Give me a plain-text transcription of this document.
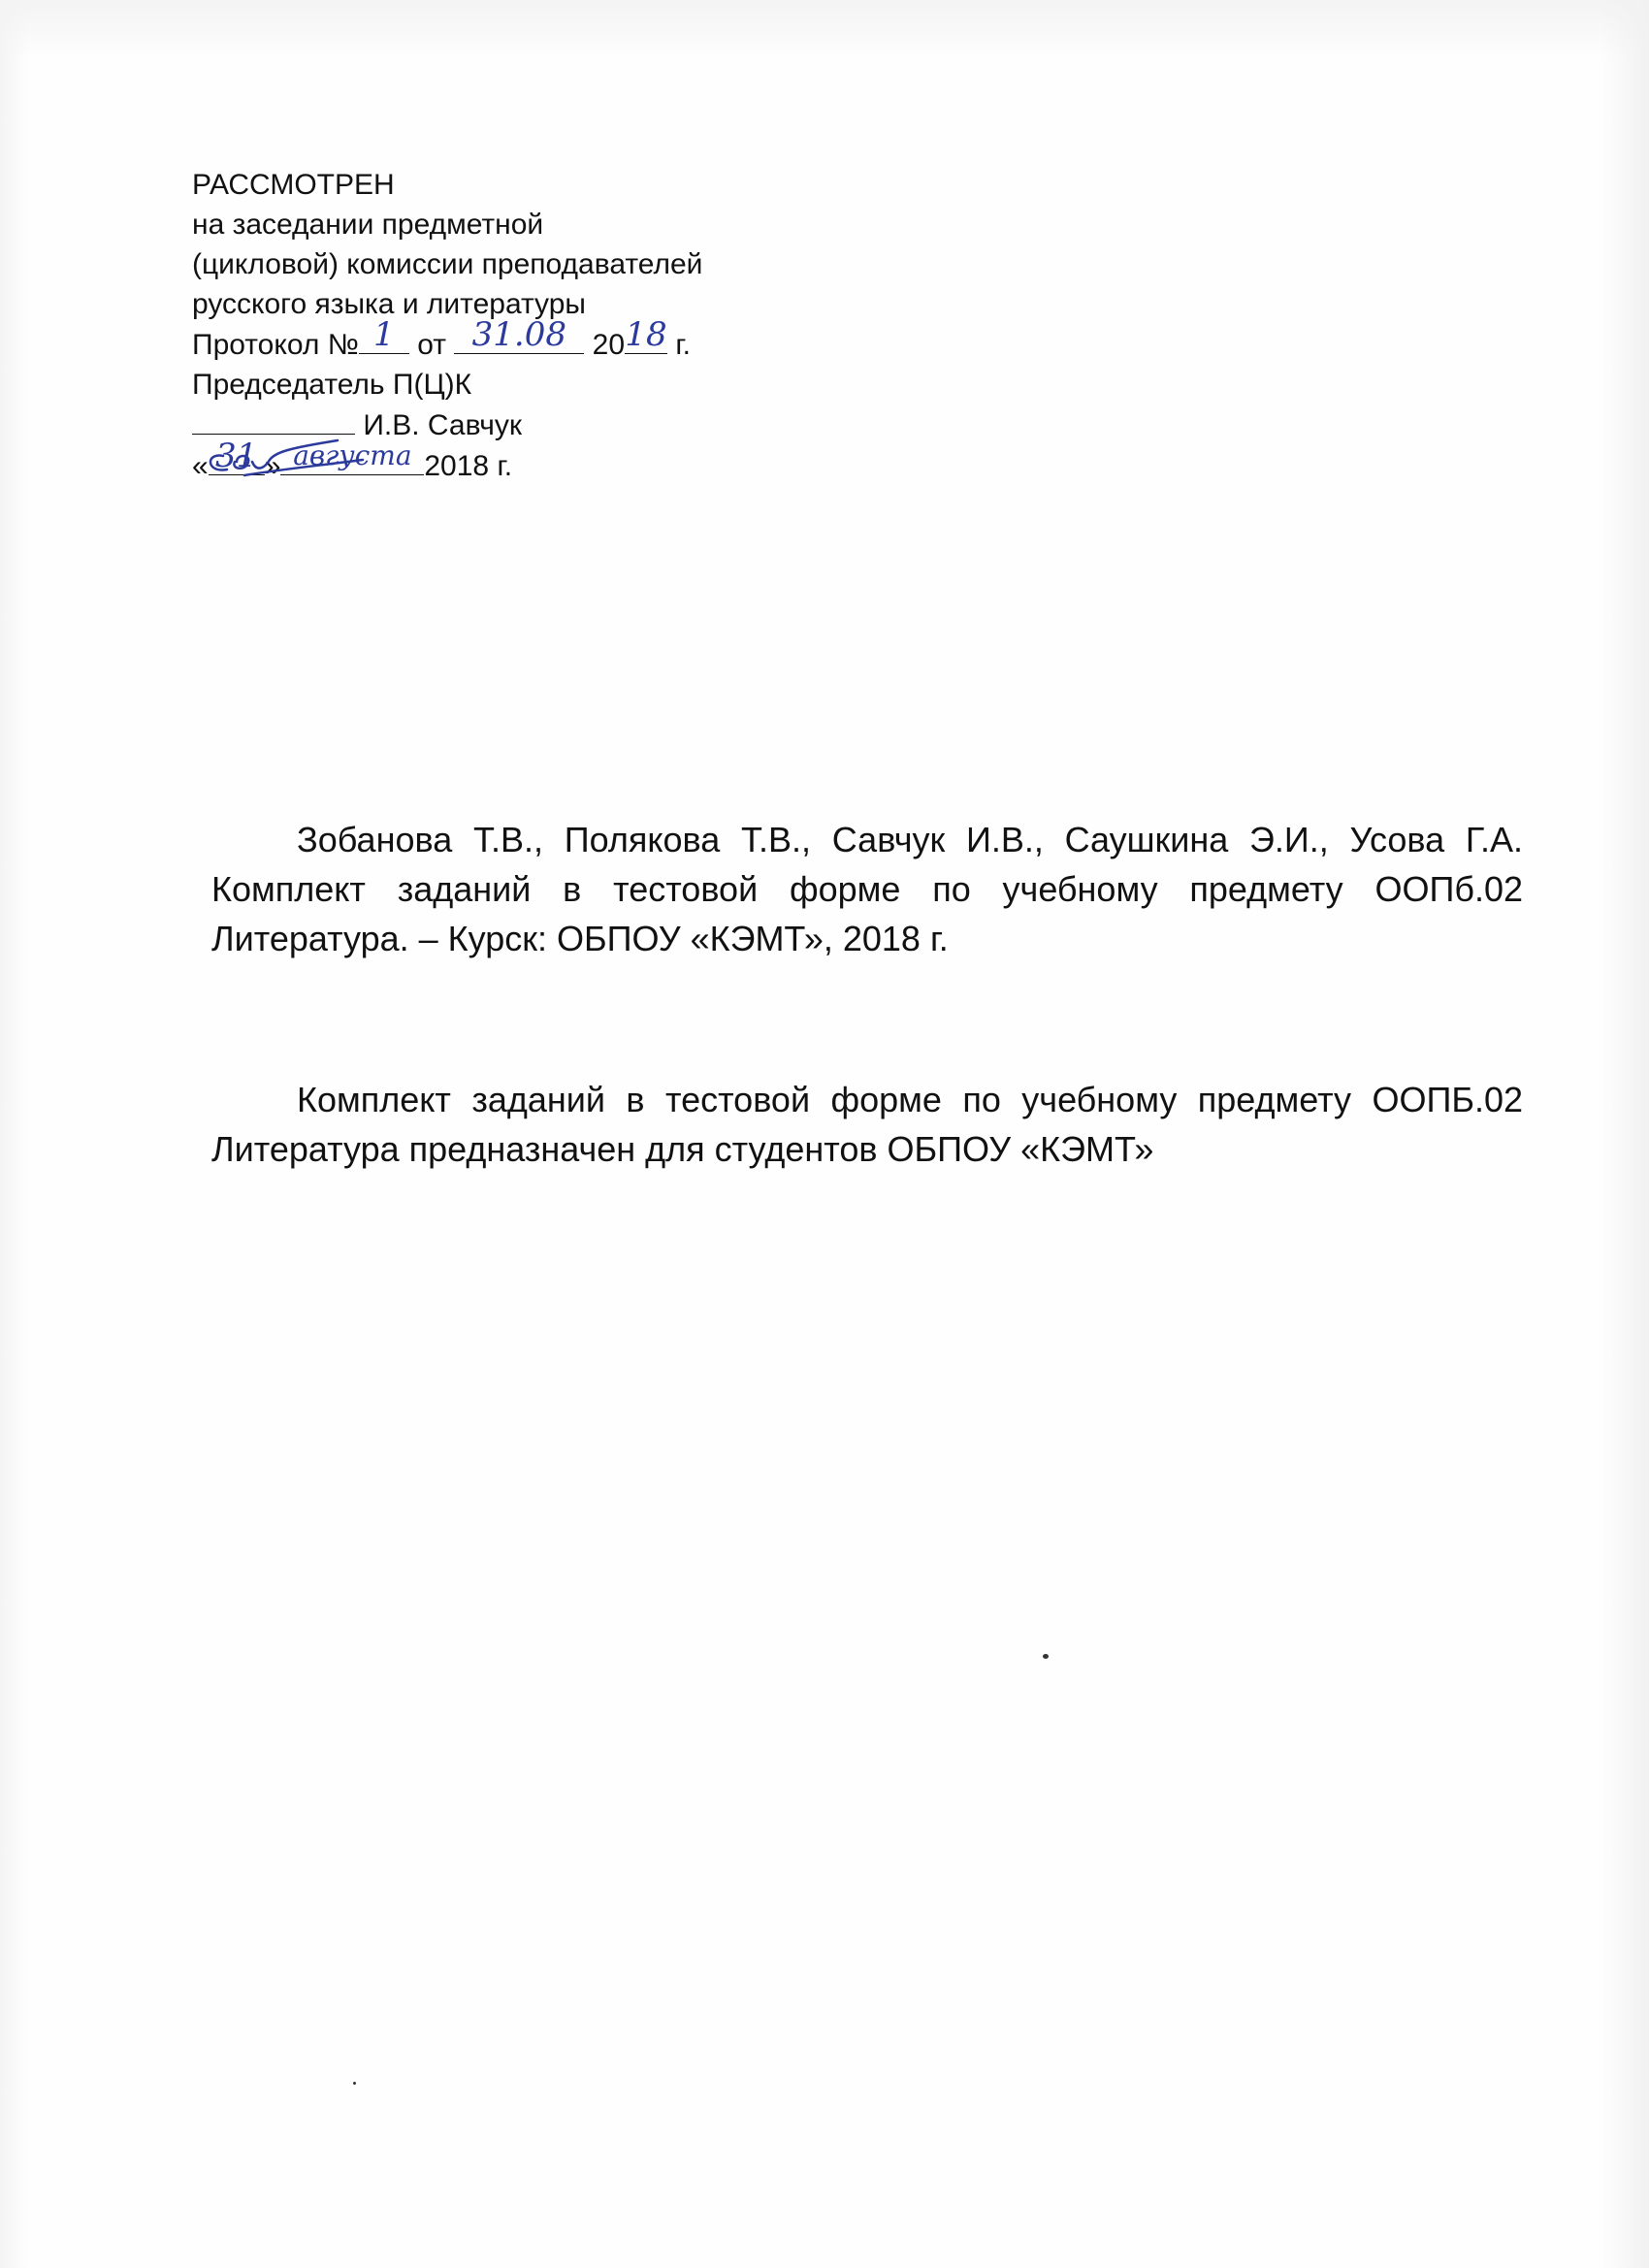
РАССМОТРЕН
на заседании предметной
(цикловой) комиссии преподавателей
русского языка и литературы
Протокол № 1 от 31.08 20 18 г.
Председатель П(Ц)К
И.В. Савчук
« 31 » августа 2018 г.
Зобанова Т.В., Полякова Т.В., Савчук И.В., Саушкина Э.И., Усова Г.А. Комплект заданий в тестовой форме по учебному предмету ООПб.02 Литература. – Курск: ОБПОУ «КЭМТ», 2018 г.
Комплект заданий в тестовой форме по учебному предмету ООПБ.02 Литература предназначен для студентов ОБПОУ «КЭМТ»
